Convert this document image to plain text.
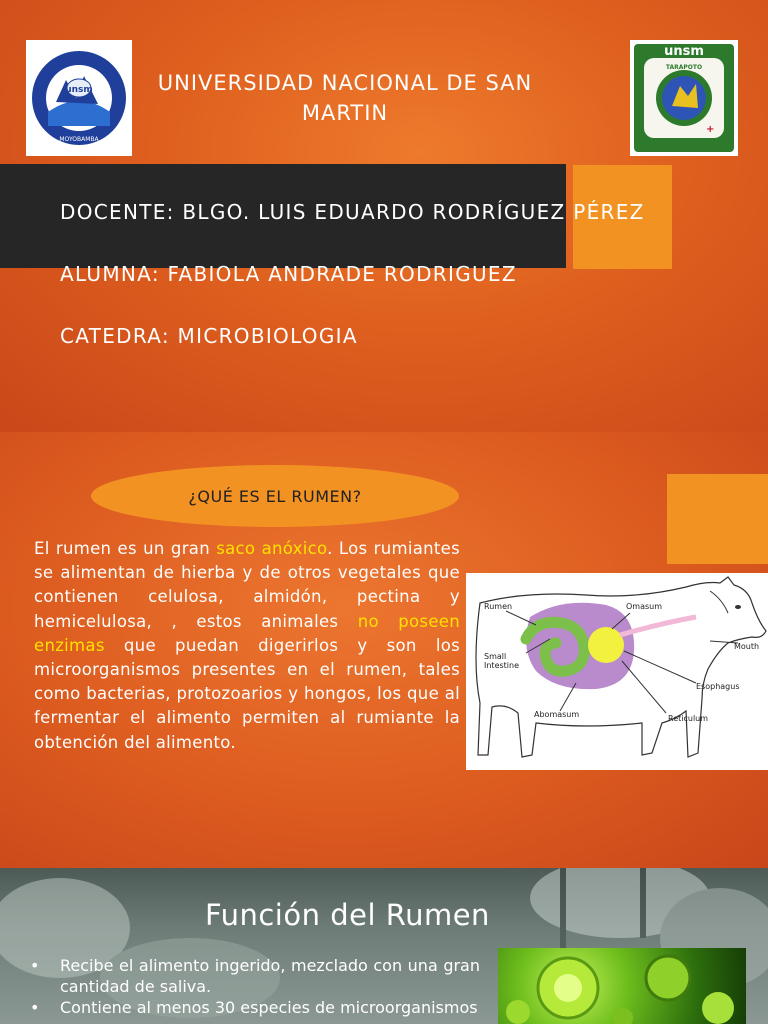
unsm
MOYOBAMBA
unsm
TARAPOTO
+
UNIVERSIDAD NACIONAL DE SAN MARTIN
DOCENTE: BLGO. LUIS EDUARDO RODRÍGUEZ PÉREZ
ALUMNA: FABIOLA ANDRADE RODRIGUEZ
CATEDRA: MICROBIOLOGIA
¿QUÉ ES EL RUMEN?
El rumen es un gran saco anóxico. Los rumiantes se alimentan de hierba y de otros vegetales que contienen celulosa, almidón, pectina y hemicelulosa, , estos animales no poseen enzimas que puedan digerirlos y son los microorganismos presentes en el rumen, tales como bacterias, protozoarios y hongos, los que al fermentar el alimento permiten al rumiante la obtención del alimento.
Rumen	Omasum
Mouth
Small
Intestine
Esophagus
Abomasum	Reticulum
Función del Rumen
• Recibe el alimento ingerido, mezclado con una gran cantidad de saliva.
• Contiene al menos 30 especies de microorganismos
